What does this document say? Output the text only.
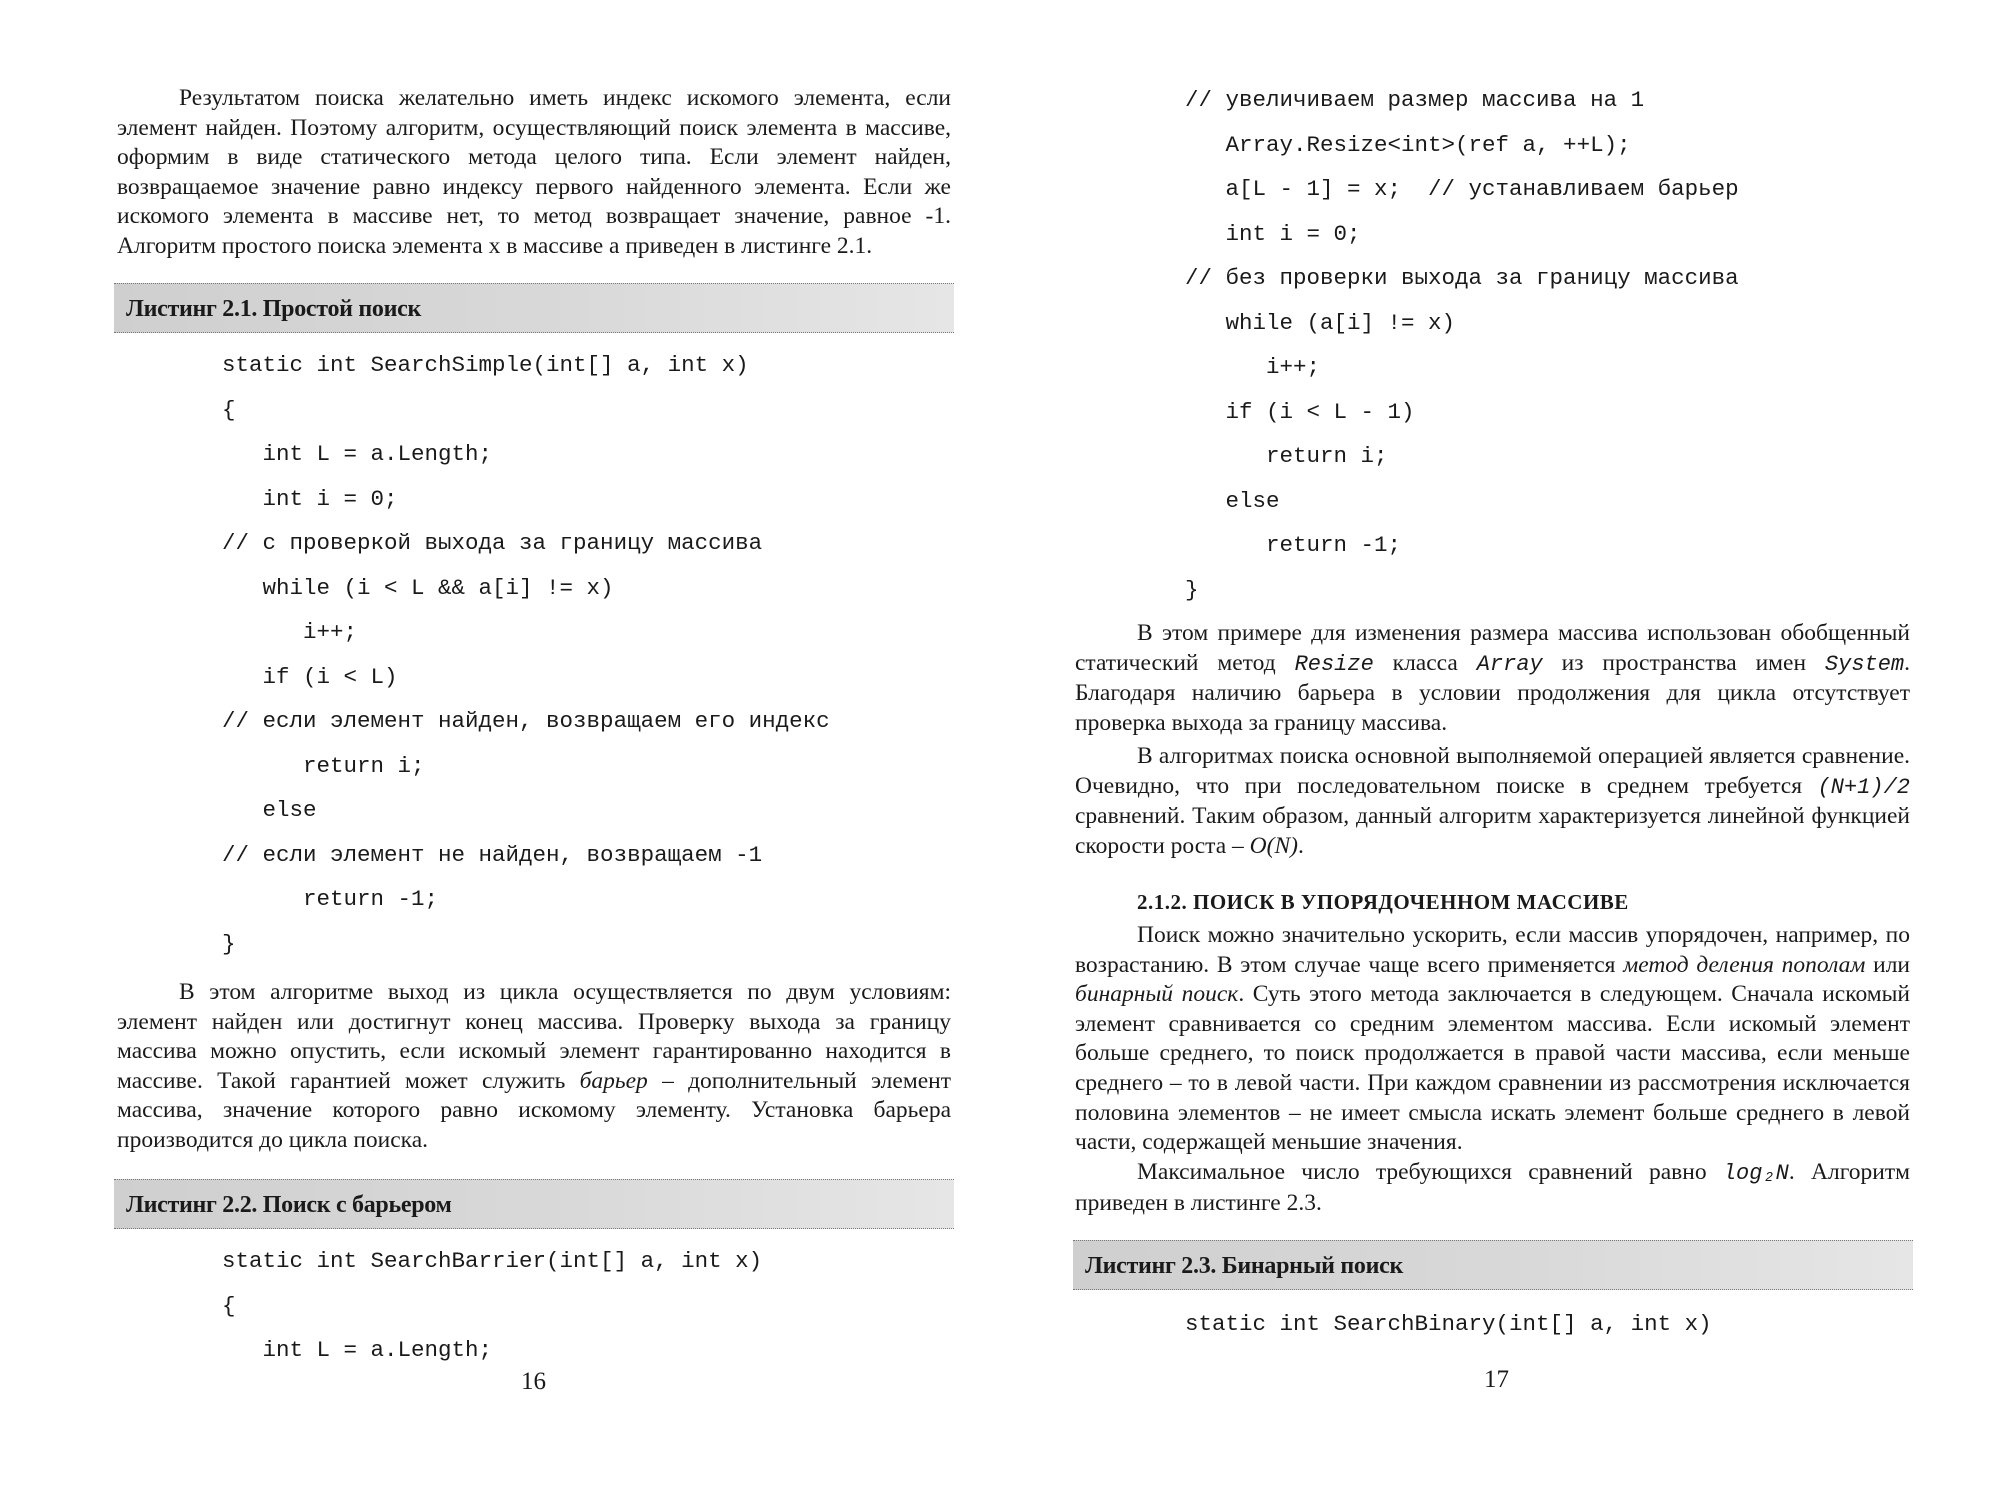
Результатом поиска желательно иметь индекс искомого элемента, если элемент найден. Поэтому алгоритм, осуществляющий поиск элемента в массиве, оформим в виде статического метода целого типа. Если элемент найден, возвращаемое значение равно индексу первого найденного элемента. Если же искомого элемента в массиве нет, то метод возвращает значение, равное -1. Алгоритм простого поиска элемента x в массиве a приведен в листинге 2.1.

Листинг 2.1. Простой поиск
static int SearchSimple(int[] a, int x)
{
int L = a.Length;
int i = 0;
// с проверкой выхода за границу массива
while (i < L && a[i] != x)
i++;
if (i < L)
// если элемент найден, возвращаем его индекс
return i;
else
// если элемент не найден, возвращаем -1
return -1;
}

В этом алгоритме выход из цикла осуществляется по двум условиям: элемент найден или достигнут конец массива. Проверку выхода за границу массива можно опустить, если искомый элемент гарантированно находится в массиве. Такой гарантией может служить барьер – дополнительный элемент массива, значение которого равно искомому элементу. Установка барьера производится до цикла поиска.

Листинг 2.2. Поиск с барьером
static int SearchBarrier(int[] a, int x)
{
int L = a.Length;
16
// увеличиваем размер массива на 1
Array.Resize<int>(ref a, ++L);
a[L - 1] = x;  // устанавливаем барьер
int i = 0;
// без проверки выхода за границу массива
while (a[i] != x)
i++;
if (i < L - 1)
return i;
else
return -1;
}

В этом примере для изменения размера массива использован обобщенный статический метод Resize класса Array из пространства имен System. Благодаря наличию барьера в условии продолжения для цикла отсутствует проверка выхода за границу массива.

В алгоритмах поиска основной выполняемой операцией является сравнение. Очевидно, что при последовательном поиске в среднем требуется (N+1)/2 сравнений. Таким образом, данный алгоритм характеризуется линейной функцией скорости роста – O(N).

2.1.2. ПОИСК В УПОРЯДОЧЕННОМ МАССИВЕ

Поиск можно значительно ускорить, если массив упорядочен, например, по возрастанию. В этом случае чаще всего применяется метод деления пополам или бинарный поиск. Суть этого метода заключается в следующем. Сначала искомый элемент сравнивается со средним элементом массива. Если искомый элемент больше среднего, то поиск продолжается в правой части массива, если меньше среднего – то в левой части. При каждом сравнении из рассмотрения исключается половина элементов – не имеет смысла искать элемент больше среднего в левой части, содержащей меньшие значения.

Максимальное число требующихся сравнений равно log₂N. Алгоритм приведен в листинге 2.3.

Листинг 2.3. Бинарный поиск
static int SearchBinary(int[] a, int x)
17
